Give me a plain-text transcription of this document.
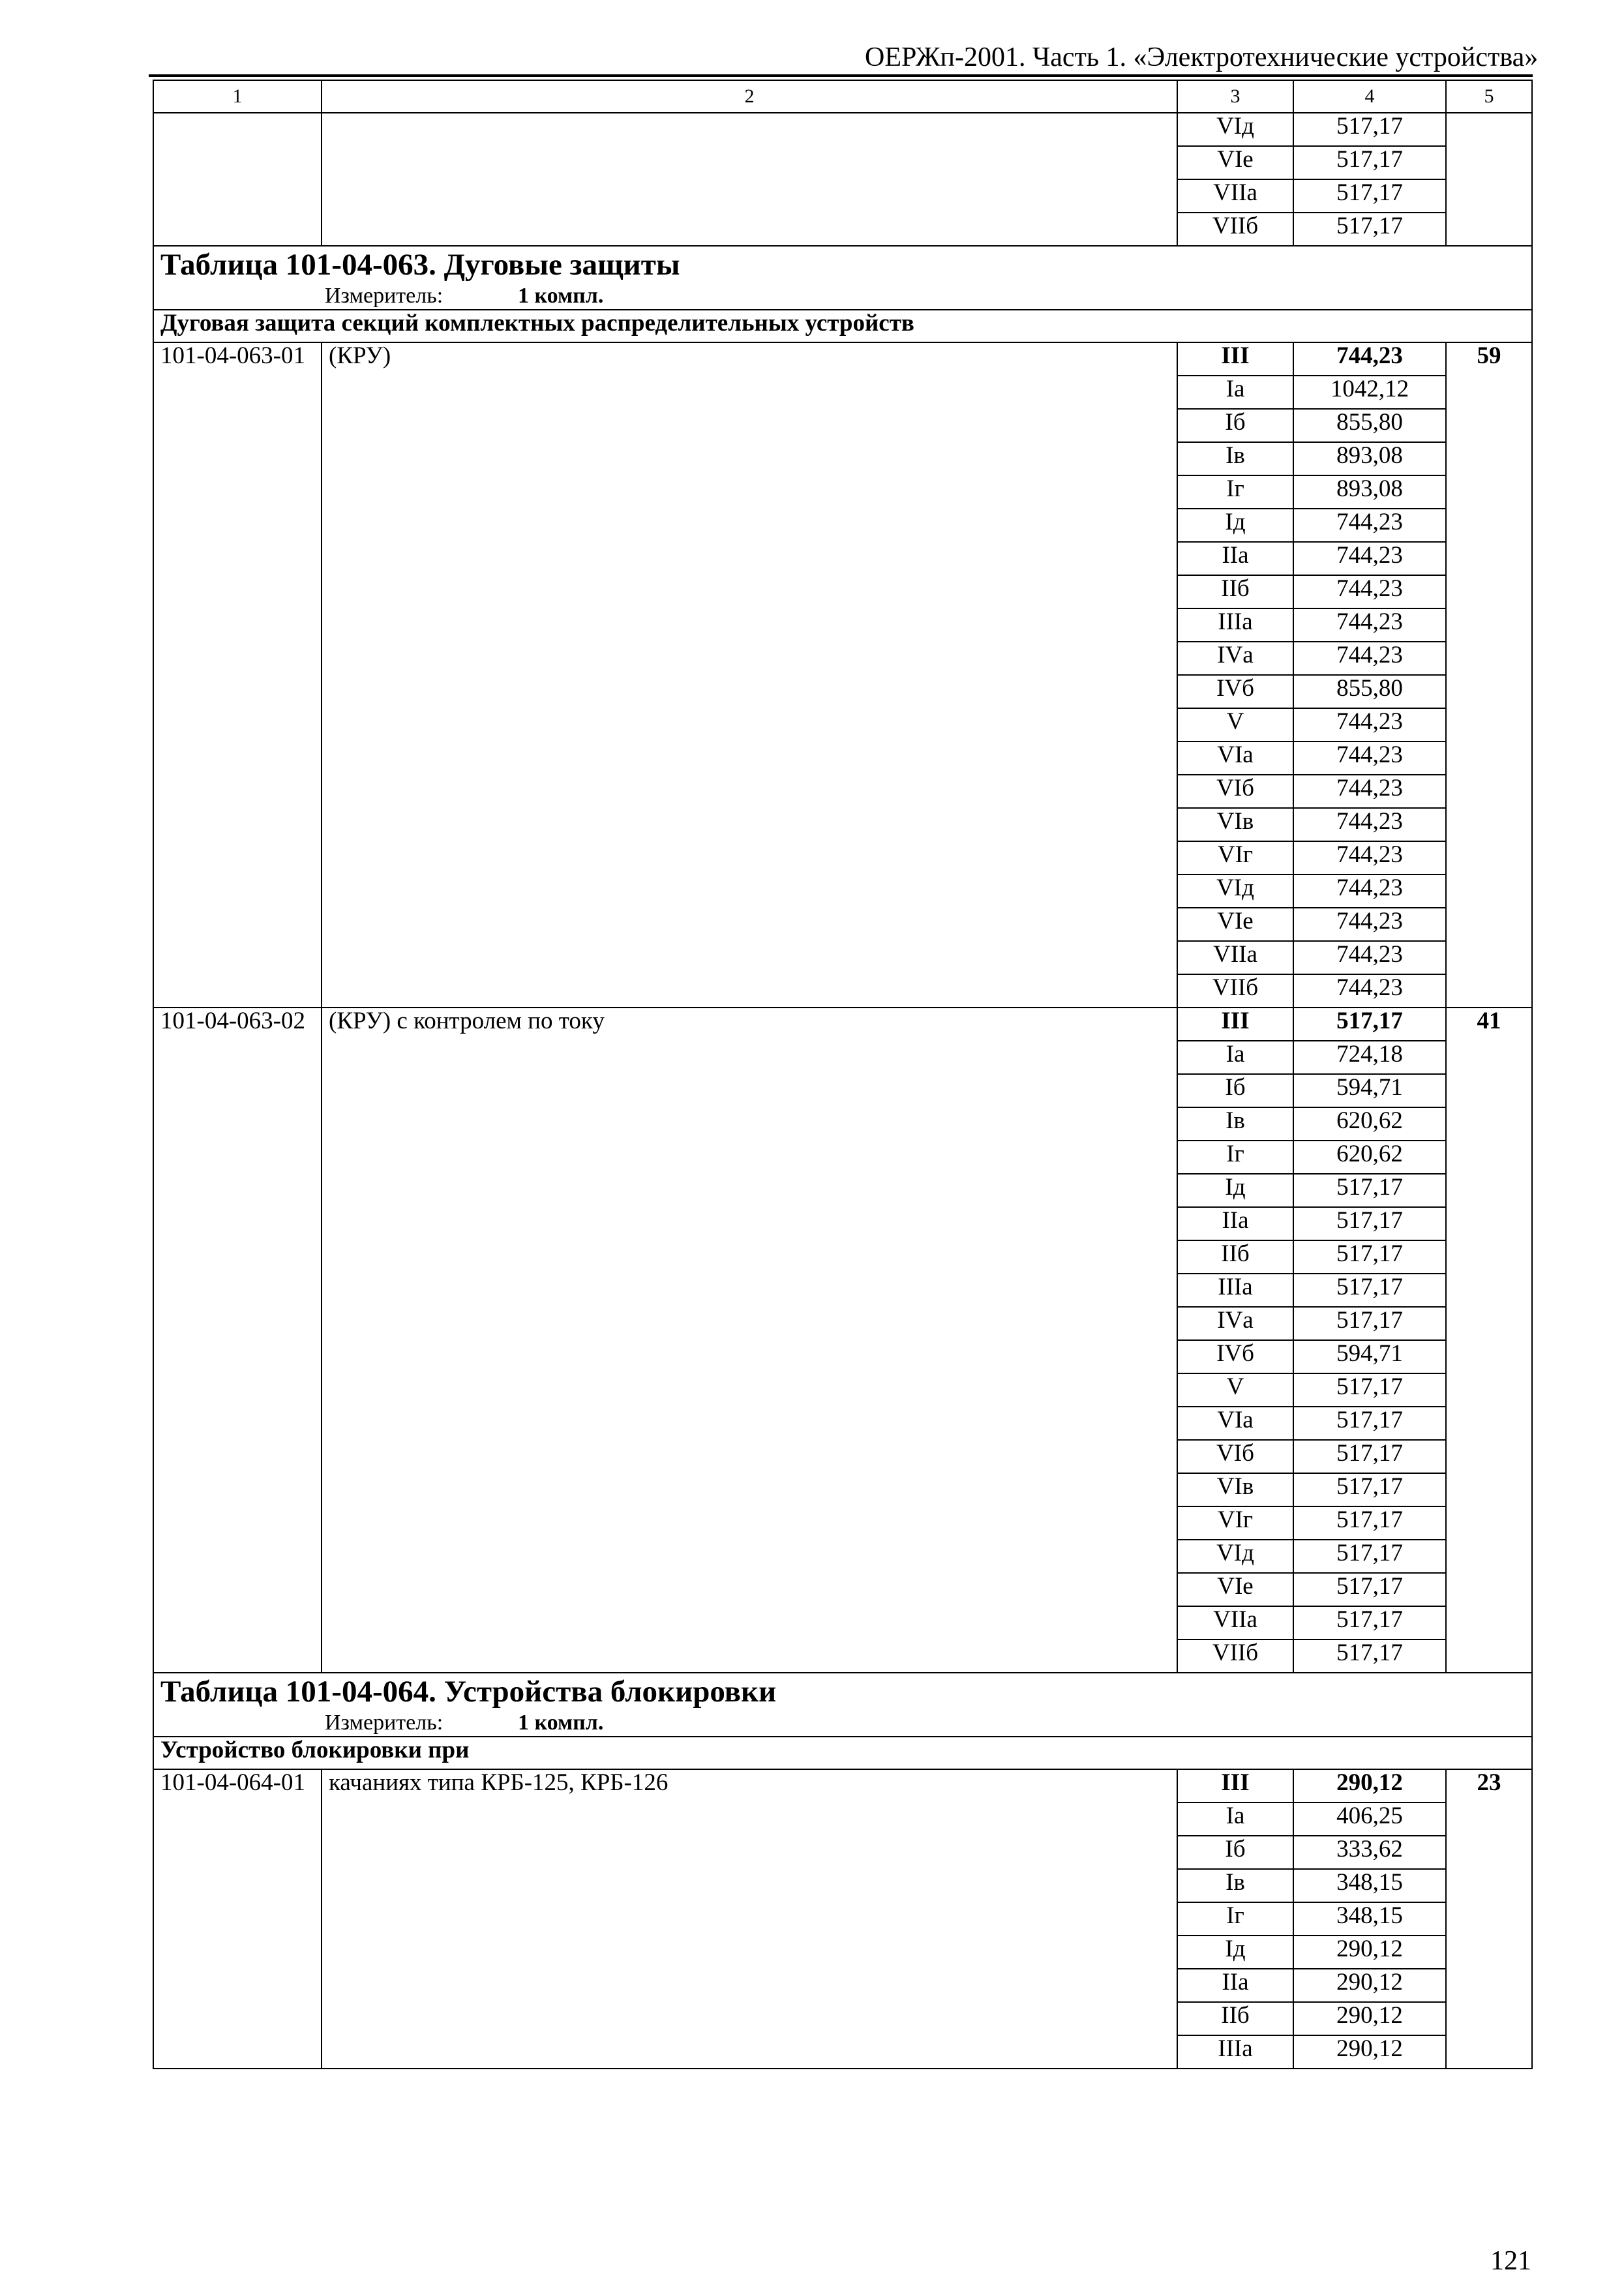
ОЕРЖп-2001. Часть 1. «Электротехнические устройства»
1	2	3	4	5
		VIд	517,17	
		VIе	517,17	
		VIIа	517,17	
		VIIб	517,17	

Таблица 101-04-063. Дуговые защиты
Измеритель: 1 компл.				

Дуговая защита секций комплектных распределительных устройств				
101-04-063-01	(КРУ)	III	744,23	59
		Iа	1042,12	
		Iб	855,80	
		Iв	893,08	
		Iг	893,08	
		Iд	744,23	
		IIа	744,23	
		IIб	744,23	
		IIIа	744,23	
		IVа	744,23	
		IVб	855,80	
		V	744,23	
		VIа	744,23	
		VIб	744,23	
		VIв	744,23	
		VIг	744,23	
		VIд	744,23	
		VIе	744,23	
		VIIа	744,23	
		VIIб	744,23	
101-04-063-02	(КРУ) с контролем по току	III	517,17	41
		Iа	724,18	
		Iб	594,71	
		Iв	620,62	
		Iг	620,62	
		Iд	517,17	
		IIа	517,17	
		IIб	517,17	
		IIIа	517,17	
		IVа	517,17	
		IVб	594,71	
		V	517,17	
		VIа	517,17	
		VIб	517,17	
		VIв	517,17	
		VIг	517,17	
		VIд	517,17	
		VIе	517,17	
		VIIа	517,17	
		VIIб	517,17	

Таблица 101-04-064. Устройства блокировки
Измеритель: 1 компл.				

Устройство блокировки при				
101-04-064-01	качаниях типа КРБ-125, КРБ-126	III	290,12	23
		Iа	406,25	
		Iб	333,62	
		Iв	348,15	
		Iг	348,15	
		Iд	290,12	
		IIа	290,12	
		IIб	290,12	
		IIIа	290,12	
121
